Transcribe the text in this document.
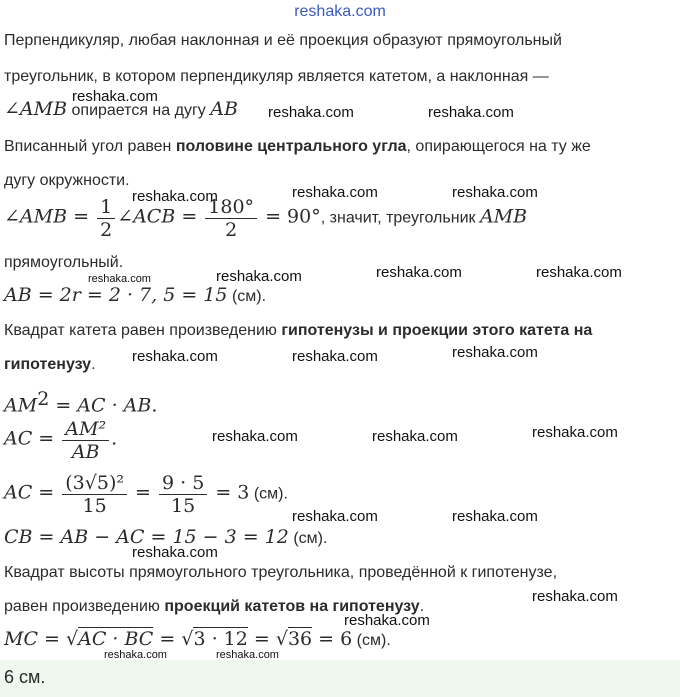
reshaka.com
Перпендикуляр, любая наклонная и её проекция образуют прямоугольный
треугольник, в котором перпендикуляр является катетом, а наклонная —
∠AMB опирается на дугу AB
Вписанный угол равен половине центрального угла, опирающегося на ту же
дугу окружности.
∠AMB = $\frac{1}{2}$ ∠ACB = $\frac{180^\circ}{2} = 90^\circ$, значит, треугольник AMB
прямоугольный.
AB = 2r = 2 · 7, 5 = 15 (см).
Квадрат катета равен произведению гипотенузы и проекции этого катета на
гипотенузу.
$AM^2$ = AC · AB.
AC = $\frac{\text{AM²}}{AB}$ .
AC = $\frac{\text{(3√5)²}}{15} = \frac{9 \cdot 5}{15} = 3$ (см).
CB = AB − AC = 15 − 3 = 12 (см).
Квадрат высоты прямоугольного треугольника, проведённой к гипотенузе,
равен произведению проекций катетов на гипотенузу.
MC = √AC · BC = √3 · 12 = √36 = 6 (см).
6 см.
reshaka.com
reshaka.com	reshaka.com
reshaka.com	reshaka.com	reshaka.com
reshaka.com	reshaka.com	reshaka.com	reshaka.com
reshaka.com	reshaka.com	reshaka.com
reshaka.com	reshaka.com	reshaka.com
reshaka.com	reshaka.com
reshaka.com
reshaka.com
reshaka.com
reshaka.com	reshaka.com
